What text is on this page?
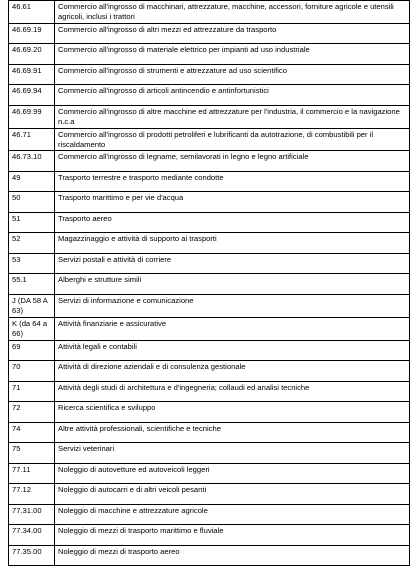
46.61	Commercio all'ingrosso di macchinari, attrezzature, macchine, accessori, forniture agricole e utensili agricoli, inclusi i trattori
46.69.19	Commercio all'ingrosso di altri mezzi ed attrezzature da trasporto
46.69.20	Commercio all'ingrosso di materiale elettrico per impianti ad uso industriale
46.69.91	Commercio all'ingrosso di strumenti e attrezzature ad uso scientifico
46.69.94	Commercio all'ingrosso di articoli antincendio e antinfortunistici
46.69.99	Commercio all'ingrosso di altre macchine ed attrezzature per l'industria, il commercio e la navigazione n.c.a
46.71	Commercio all'ingrosso di prodotti petroliferi e lubrificanti da autotrazione, di combustibili per il riscaldamento
46.73.10	Commercio all'ingrosso di legname, semilavorati in legno e legno artificiale
49	Trasporto terrestre e trasporto mediante condotte
50	Trasporto marittimo e per vie d'acqua
51	Trasporto aereo
52	Magazzinaggio e attività di supporto ai trasporti
53	Servizi postali e attività di corriere
55.1	Alberghi e strutture simili
J (DA 58 A 63)	Servizi di informazione e comunicazione
K (da 64 a 66)	Attività finanziarie e assicurative
69	Attività legali e contabili
70	Attività di direzione aziendali e di consulenza gestionale
71	Attività degli studi di architettura e d'ingegneria; collaudi ed analisi tecniche
72	Ricerca scientifica e sviluppo
74	Altre attività professionali, scientifiche e tecniche
75	Servizi veterinari
77.11	Noleggio di autovetture ed autoveicoli leggeri
77.12	Noleggio di autocarri e di altri veicoli pesanti
77.31.00	Noleggio di macchine e attrezzature agricole
77.34.00	Noleggio di mezzi di trasporto marittimo e fluviale
77.35.00	Noleggio di mezzi di trasporto aereo
